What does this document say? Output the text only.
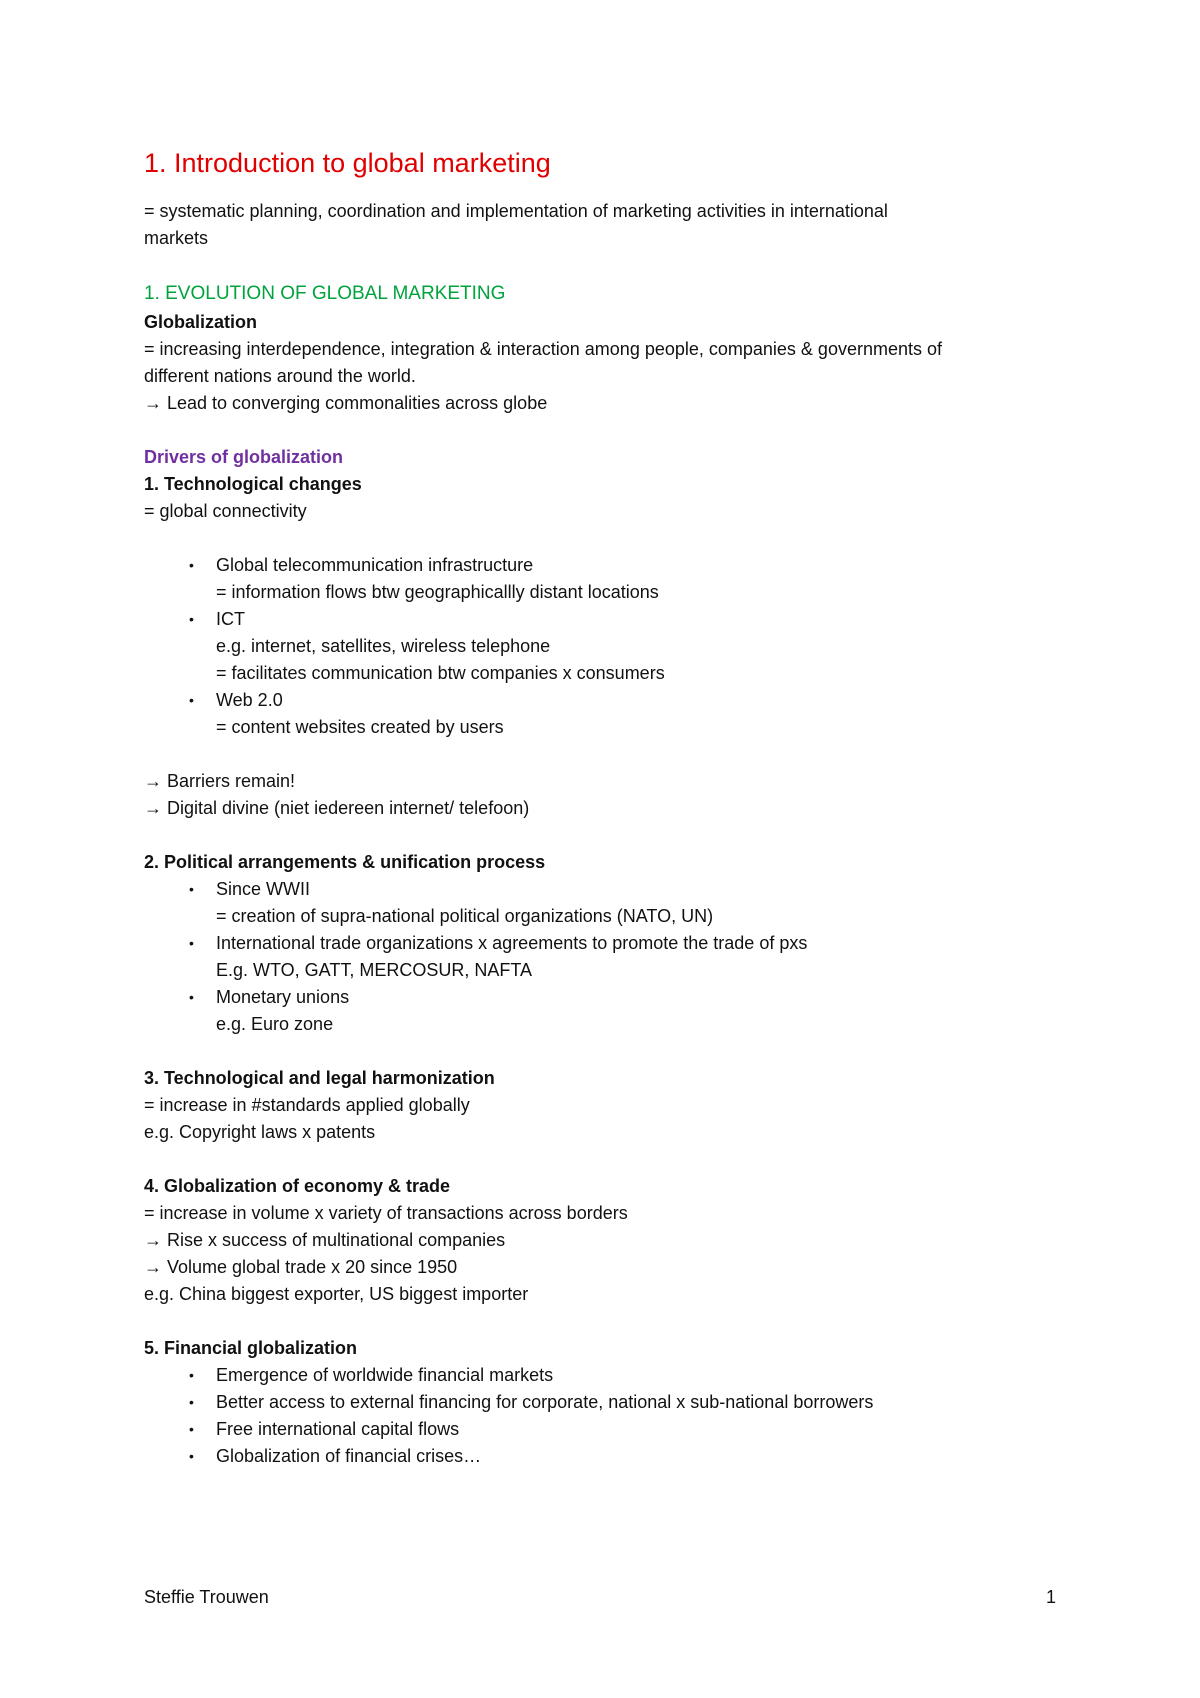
1. Introduction to global marketing

= systematic planning, coordination and implementation of marketing activities in international markets

1. EVOLUTION OF GLOBAL MARKETING

Globalization

= increasing interdependence, integration & interaction among people, companies & governments of

different nations around the world.

→ Lead to converging commonalities across globe

Drivers of globalization

1. Technological changes

= global connectivity

• Global telecommunication infrastructure

= information flows btw geographicallly distant locations

• ICT

e.g. internet, satellites, wireless telephone

= facilitates communication btw companies x consumers

• Web 2.0

= content websites created by users

→ Barriers remain!

→ Digital divine (niet iedereen internet/ telefoon)

2. Political arrangements & unification process

• Since WWII

= creation of supra-national political organizations (NATO, UN)

• International trade organizations x agreements to promote the trade of pxs

E.g. WTO, GATT, MERCOSUR, NAFTA

• Monetary unions

e.g. Euro zone

3. Technological and legal harmonization

= increase in #standards applied globally

e.g. Copyright laws x patents

4. Globalization of economy & trade

= increase in volume x variety of transactions across borders

→ Rise x success of multinational companies

→ Volume global trade x 20 since 1950

e.g. China biggest exporter, US biggest importer

5. Financial globalization

• Emergence of worldwide financial markets

• Better access to external financing for corporate, national x sub-national borrowers

• Free international capital flows

• Globalization of financial crises…

Steffie Trouwen	1
